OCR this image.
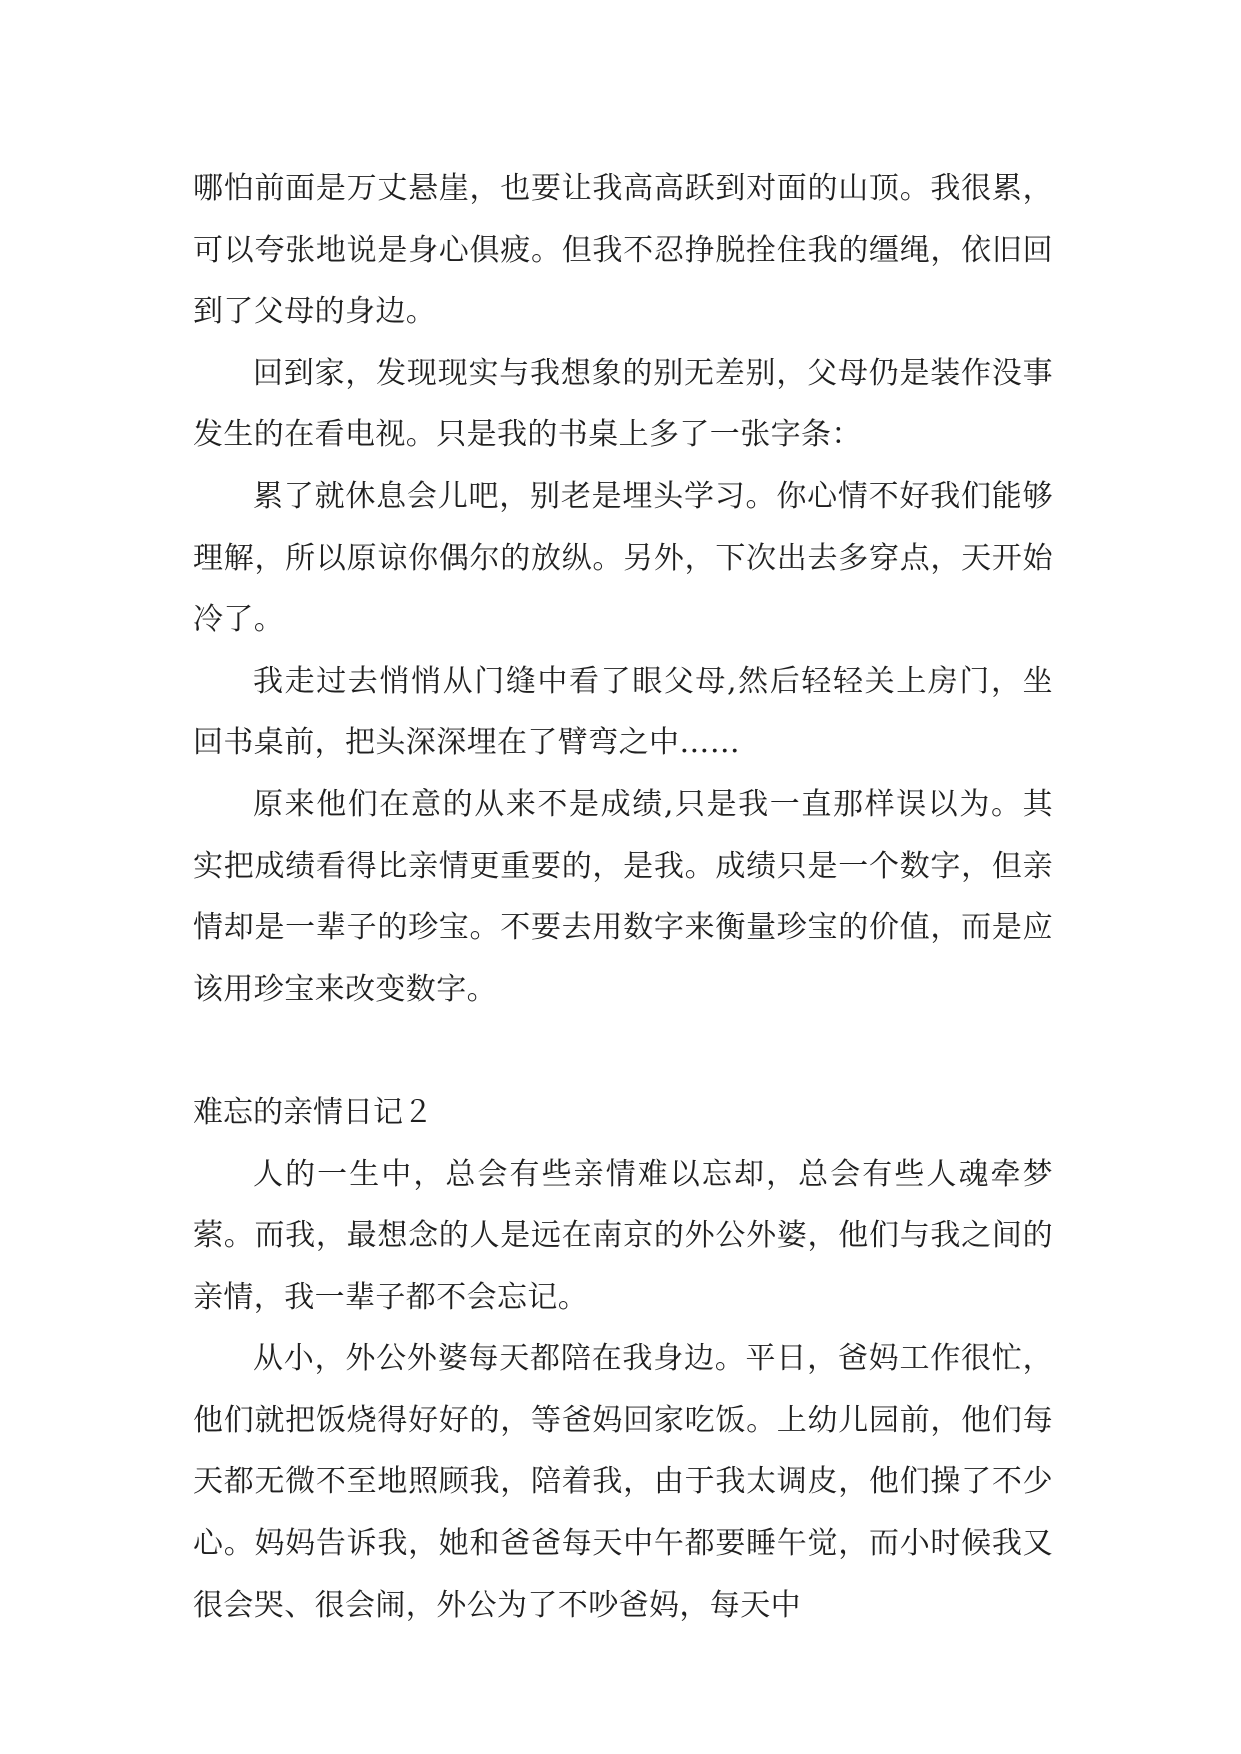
哪怕前面是万丈悬崖，也要让我高高跃到对面的山顶。我很累，可以夸张地说是身心俱疲。但我不忍挣脱拴住我的缰绳，依旧回到了父母的身边。

回到家，发现现实与我想象的别无差别，父母仍是装作没事发生的在看电视。只是我的书桌上多了一张字条：

累了就休息会儿吧，别老是埋头学习。你心情不好我们能够理解，所以原谅你偶尔的放纵。另外，下次出去多穿点，天开始冷了。

我走过去悄悄从门缝中看了眼父母,然后轻轻关上房门，坐回书桌前，把头深深埋在了臂弯之中……

原来他们在意的从来不是成绩,只是我一直那样误以为。其实把成绩看得比亲情更重要的，是我。成绩只是一个数字，但亲情却是一辈子的珍宝。不要去用数字来衡量珍宝的价值，而是应该用珍宝来改变数字。

难忘的亲情日记２

人的一生中，总会有些亲情难以忘却，总会有些人魂牵梦萦。而我，最想念的人是远在南京的外公外婆，他们与我之间的亲情，我一辈子都不会忘记。

从小，外公外婆每天都陪在我身边。平日，爸妈工作很忙，他们就把饭烧得好好的，等爸妈回家吃饭。上幼儿园前，他们每天都无微不至地照顾我，陪着我，由于我太调皮，他们操了不少心。妈妈告诉我，她和爸爸每天中午都要睡午觉，而小时候我又很会哭、很会闹，外公为了不吵爸妈，每天中
